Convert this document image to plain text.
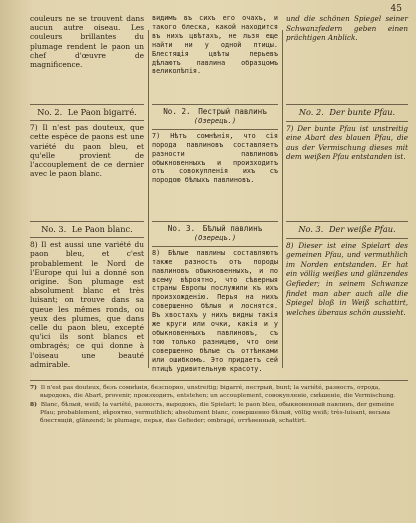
45

couleurs ne se trouvent dans aucun autre oiseau. Les couleurs brillantes du plumage rendent le paon un chef d'œuvre de magnificence.

No. 2. Le Paon bigarré.

7) Il n'est pas douteux, que cette espèce de paons est une variété du paon bleu, et qu'elle provient de l'accouplement de ce dernier avec le paon blanc.

No. 3. Le Paon blanc.

8) Il est aussi une variété du paon bleu, et c'est probablement le Nord de l'Europe qui lui a donné son origine. Son plumage est absolument blanc et très luisant; on trouve dans sa queue les mêmes ronds, ou yeux des plumes, que dans celle du paon bleu, excepté qu'ici ils sont blancs et ombragés; ce qui donne à l'oiseau une beauté admirable.

видимъ въ сихъ его очахъ, и такого блеска, какой находится въ нихъ цвѣтахъ, не льзя еще найти ни у одной птицы. Блестящія цвѣты перьевъ дѣлаютъ павлина образцомъ великолѣпія.

No. 2. Пестрый павлинъ
(Озерецъ.)

7) Нѣтъ сомнѣнія, что сія порода павлиновъ составляетъ разности павлиновъ обыкновенныхъ и произходитъ отъ совокупленія ихъ съ породою бѣлыхъ павлиновъ.

No. 3. Бѣлый павлинъ
(Озерецъ.)

8) Бѣлые павлины составляютъ также разность отъ породы павлиновъ обыкновенныхъ, и по всему вѣроятно, что сѣверныя страны Европы послужили къ ихъ произхожденію. Перья на нихъ совершенно бѣлыя и лоснятся. Въ хвостахъ у нихъ видны такія же круги или очки, какія и у обыкновенныхъ павлиновъ, съ тою только разницею, что они совершенно бѣлые съ оттѣнками или ошибкомъ. Это придаетъ сей птицѣ удивительную красоту.

und die schönen Spiegel seiner Schwanzfedern geben einen prächtigen Anblick.

No. 2. Der bunte Pfau.

7) Der bunte Pfau ist unstreitig eine Abart des blauen Pfau, die aus der Vermischung dieses mit dem weißen Pfau entstanden ist.

No. 3. Der weiße Pfau.

8) Dieser ist eine Spielart des gemeinen Pfau, und vermuthlich im Norden entstanden. Er hat ein völlig weißes und glänzendes Gefieder; in seinem Schwanze findet man aber auch alle die Spiegel bloß in Weiß schattirt, welches überaus schön aussieht.

7) Il n'est pas douteux, безъ сомнѣнія, безспорно, unstreitig; bigarré, пестрый, bunt; la variété, разность, отрода, выродокъ, die Abart, provenir, произходить, entstehen; un accouplement, совокупленіе, смѣшеніе, die Vermischung.

8) Blanc, бѣлый, weiß; la variété, разность, выродокъ, die Spielart; le paon bleu, обыкновенный павлинъ, der gemeine Pfau; probablement, вѣроятно, vermuthlich; absolument blanc, совершенно бѣлый, völlig weiß; très-luisant, весьма блестящій, glänzend; le plumage, перья, das Gefieder; ombragé, оттѣненный, schattirt.
